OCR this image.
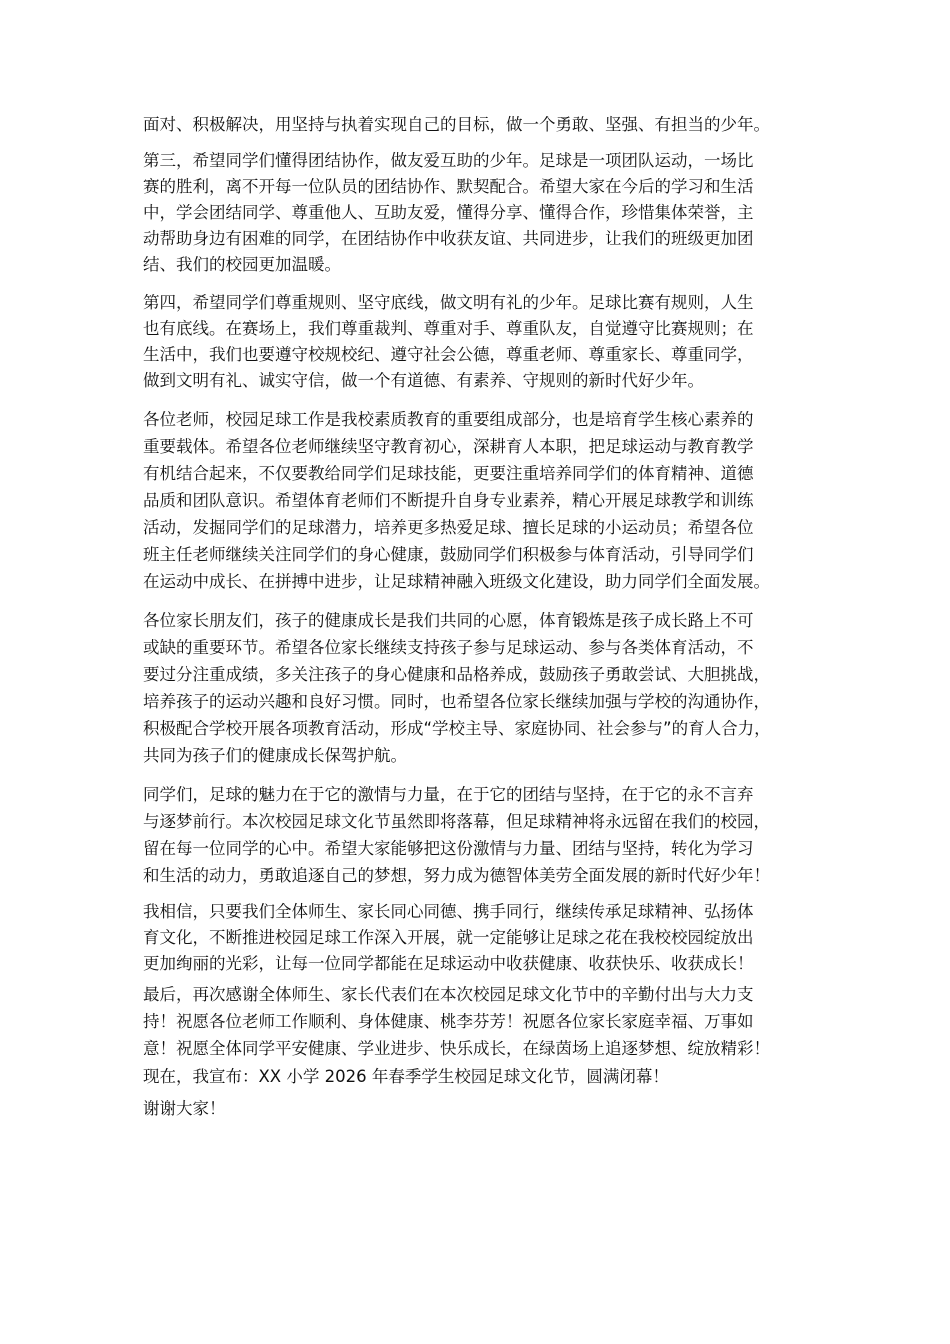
面对、积极解决，用坚持与执着实现自己的目标，做一个勇敢、坚强、有担当的少年。

第三，希望同学们懂得团结协作，做友爱互助的少年。足球是一项团队运动，一场比
赛的胜利，离不开每一位队员的团结协作、默契配合。希望大家在今后的学习和生活
中，学会团结同学、尊重他人、互助友爱，懂得分享、懂得合作，珍惜集体荣誉，主
动帮助身边有困难的同学，在团结协作中收获友谊、共同进步，让我们的班级更加团
结、我们的校园更加温暖。

第四，希望同学们尊重规则、坚守底线，做文明有礼的少年。足球比赛有规则，人生
也有底线。在赛场上，我们尊重裁判、尊重对手、尊重队友，自觉遵守比赛规则；在
生活中，我们也要遵守校规校纪、遵守社会公德，尊重老师、尊重家长、尊重同学，
做到文明有礼、诚实守信，做一个有道德、有素养、守规则的新时代好少年。

各位老师，校园足球工作是我校素质教育的重要组成部分，也是培育学生核心素养的
重要载体。希望各位老师继续坚守教育初心，深耕育人本职，把足球运动与教育教学
有机结合起来，不仅要教给同学们足球技能，更要注重培养同学们的体育精神、道德
品质和团队意识。希望体育老师们不断提升自身专业素养，精心开展足球教学和训练
活动，发掘同学们的足球潜力，培养更多热爱足球、擅长足球的小运动员；希望各位
班主任老师继续关注同学们的身心健康，鼓励同学们积极参与体育活动，引导同学们
在运动中成长、在拼搏中进步，让足球精神融入班级文化建设，助力同学们全面发展。

各位家长朋友们，孩子的健康成长是我们共同的心愿，体育锻炼是孩子成长路上不可
或缺的重要环节。希望各位家长继续支持孩子参与足球运动、参与各类体育活动，不
要过分注重成绩，多关注孩子的身心健康和品格养成，鼓励孩子勇敢尝试、大胆挑战，
培养孩子的运动兴趣和良好习惯。同时，也希望各位家长继续加强与学校的沟通协作，
积极配合学校开展各项教育活动，形成“学校主导、家庭协同、社会参与”的育人合力，
共同为孩子们的健康成长保驾护航。

同学们，足球的魅力在于它的激情与力量，在于它的团结与坚持，在于它的永不言弃
与逐梦前行。本次校园足球文化节虽然即将落幕，但足球精神将永远留在我们的校园，
留在每一位同学的心中。希望大家能够把这份激情与力量、团结与坚持，转化为学习
和生活的动力，勇敢追逐自己的梦想，努力成为德智体美劳全面发展的新时代好少年！

我相信，只要我们全体师生、家长同心同德、携手同行，继续传承足球精神、弘扬体
育文化，不断推进校园足球工作深入开展，就一定能够让足球之花在我校校园绽放出
更加绚丽的光彩，让每一位同学都能在足球运动中收获健康、收获快乐、收获成长！

最后，再次感谢全体师生、家长代表们在本次校园足球文化节中的辛勤付出与大力支
持！祝愿各位老师工作顺利、身体健康、桃李芬芳！祝愿各位家长家庭幸福、万事如
意！祝愿全体同学平安健康、学业进步、快乐成长，在绿茵场上追逐梦想、绽放精彩！

现在，我宣布：XX 小学 2026 年春季学生校园足球文化节，圆满闭幕！

谢谢大家！
